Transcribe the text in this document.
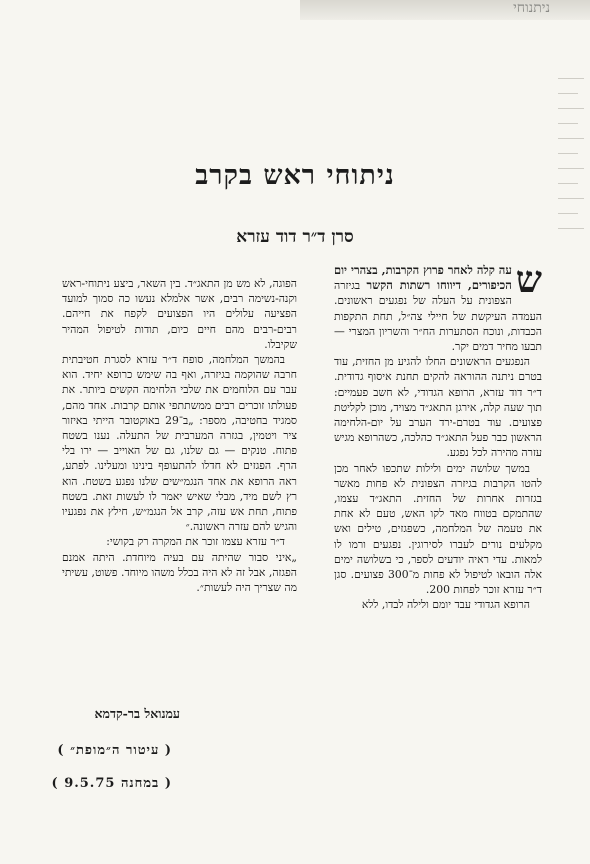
ניתנוחי
ניתוחי ראש בקרב
סרן ד״ר דוד עזרא

ש
עה קלה לאחר פרוץ הקרבות, בצהרי יום הכיפורים, דיווחו רשתות הקשר בגיזרה הצפונית על העלה של נפגעים ראשונים. העמדה העיקשת של חיילי צה״ל, תחת התקפות הכבדות, ונוכח הסתערות הח״ר והשריון המצרי — תבעו מחיר דמים יקר.

הנפגעים הראשונים החלו להגיע מן החזית, עוד בטרם ניתנה ההוראה להקים תחנת איסוף גדודית. ד״ר דוד עזרא, הרופא הגדודי, לא חשב פעמיים: תוך שעה קלה, אירגן התאג״ד מצויד, מוכן לקליטת פצועים. עוד בטרם-ירד הערב על יום-הלחימה הראשון כבר פעל התאג״ד כהלכה, כשהרופא מגיש עזרה מהירה לכל נפגע.

במשך שלושה ימים ולילות שתכפו לאחר מכן להטו הקרבות בגיזרה הצפונית לא פחות מאשר בגזרות אחרות של החזית. התאג״ד עצמו, שהתמקם בטווח מאד לקו האש, טעם לא אחת את טעמה של המלחמה, כשפגזים, טילים ואש מקלעים נורים לעברו לסירוגין. נפגעים ורמו לו למאות. עדי ראיה יודעים לספר, כי בשלושה ימים אלה הובאו לטיפול לא פחות מ־300 פצועים. סגן ד״ר עזרא זוכר לפחות 200.

הרופא הגדודי עבד יומם ולילה לבדו, ללא

הפוגה, לא מש מן התאג״ד. בין השאר, ביצע ניתוחי-ראש וקנה-נשימה רבים, אשר אלמלא נעשו כה סמוך למועד הפציעה עלולים היו הפצועים לקפח את חייהם. רבים-רבים מהם חיים כיום, תודות לטיפול המהיר שקיבלו.

בהמשך המלחמה, סופח ד״ר עזרא לסגרת חטיבתית חרבה שהוקמה בגיזרה, ואף בה שימש כרופא יחיד. הוא עבר עם הלוחמים את שלבי הלחימה הקשים ביותר. את פעולתו זוכרים רבים ממשתתפי אותם קרבות. אחד מהם, סמגיד בחטיבה, מספר: „ב־29 באוקטובר הייתי באיזור ציר ויטמין, בגזרה המערבית של התעלה. נענו בשטח פתוח. טנקים — גם שלנו, גם של האוייב — ירו בלי הרף. הפגזים לא חדלו להתעופף בינינו ומעלינו. לפתע, ראה הרופא את אחד הנגמ״שים שלנו נפגע בשטח. הוא רץ לשם מיד, מבלי שאיש יאמר לו לעשות זאת. בשטח פתוח, תחת אש עזה, קרב אל הנגמ״ש, חילץ את נפגעיו והגיש להם עזרה ראשונה.״

ד״ר עזרא עצמו זוכר את המקרה רק בקושי:

„איני סבור שהיתה עם בעיה מיוחדת. היתה אמנם הפגזה, אבל זה לא היה בכלל משהו מיוחד. פשוט, עשיתי מה שצריך היה לעשות״.

עמנואל בר-קדמא
( עיטור ה״מופת״ )
( במחנה 9.5.75 )
